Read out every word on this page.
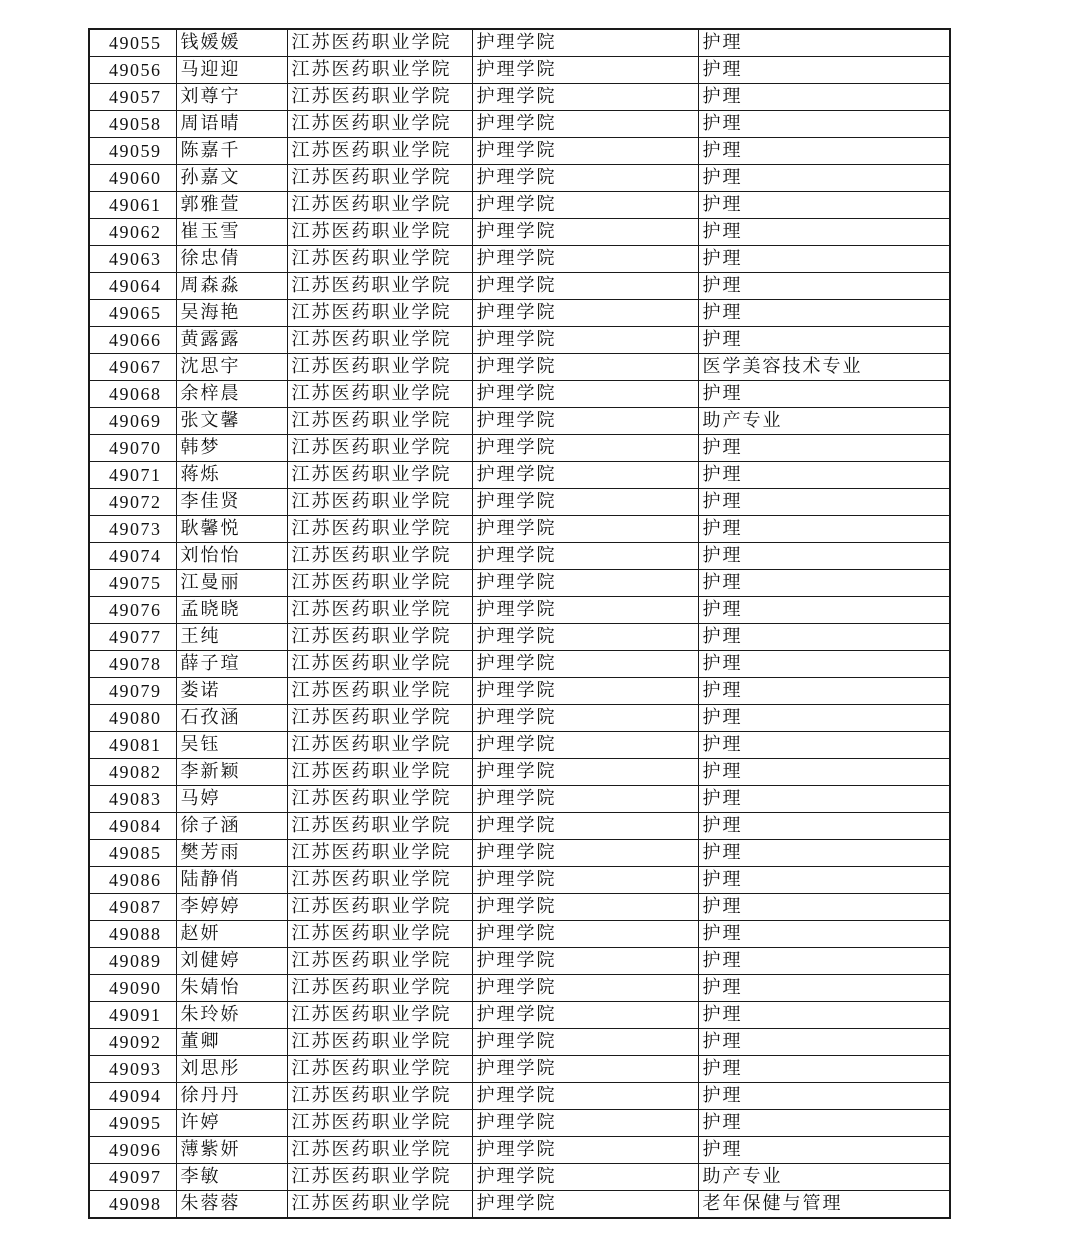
49055	钱媛媛	江苏医药职业学院	护理学院	护理
49056	马迎迎	江苏医药职业学院	护理学院	护理
49057	刘尊宁	江苏医药职业学院	护理学院	护理
49058	周语晴	江苏医药职业学院	护理学院	护理
49059	陈嘉千	江苏医药职业学院	护理学院	护理
49060	孙嘉文	江苏医药职业学院	护理学院	护理
49061	郭雅萱	江苏医药职业学院	护理学院	护理
49062	崔玉雪	江苏医药职业学院	护理学院	护理
49063	徐忠倩	江苏医药职业学院	护理学院	护理
49064	周森淼	江苏医药职业学院	护理学院	护理
49065	吴海艳	江苏医药职业学院	护理学院	护理
49066	黄露露	江苏医药职业学院	护理学院	护理
49067	沈思宇	江苏医药职业学院	护理学院	医学美容技术专业
49068	余梓晨	江苏医药职业学院	护理学院	护理
49069	张文馨	江苏医药职业学院	护理学院	助产专业
49070	韩梦	江苏医药职业学院	护理学院	护理
49071	蒋烁	江苏医药职业学院	护理学院	护理
49072	李佳贤	江苏医药职业学院	护理学院	护理
49073	耿馨悦	江苏医药职业学院	护理学院	护理
49074	刘怡怡	江苏医药职业学院	护理学院	护理
49075	江曼丽	江苏医药职业学院	护理学院	护理
49076	孟晓晓	江苏医药职业学院	护理学院	护理
49077	王纯	江苏医药职业学院	护理学院	护理
49078	薛子瑄	江苏医药职业学院	护理学院	护理
49079	娄诺	江苏医药职业学院	护理学院	护理
49080	石孜涵	江苏医药职业学院	护理学院	护理
49081	吴钰	江苏医药职业学院	护理学院	护理
49082	李新颖	江苏医药职业学院	护理学院	护理
49083	马婷	江苏医药职业学院	护理学院	护理
49084	徐子涵	江苏医药职业学院	护理学院	护理
49085	樊芳雨	江苏医药职业学院	护理学院	护理
49086	陆静俏	江苏医药职业学院	护理学院	护理
49087	李婷婷	江苏医药职业学院	护理学院	护理
49088	赵妍	江苏医药职业学院	护理学院	护理
49089	刘健婷	江苏医药职业学院	护理学院	护理
49090	朱婧怡	江苏医药职业学院	护理学院	护理
49091	朱玲娇	江苏医药职业学院	护理学院	护理
49092	董卿	江苏医药职业学院	护理学院	护理
49093	刘思彤	江苏医药职业学院	护理学院	护理
49094	徐丹丹	江苏医药职业学院	护理学院	护理
49095	许婷	江苏医药职业学院	护理学院	护理
49096	薄紫妍	江苏医药职业学院	护理学院	护理
49097	李敏	江苏医药职业学院	护理学院	助产专业
49098	朱蓉蓉	江苏医药职业学院	护理学院	老年保健与管理
